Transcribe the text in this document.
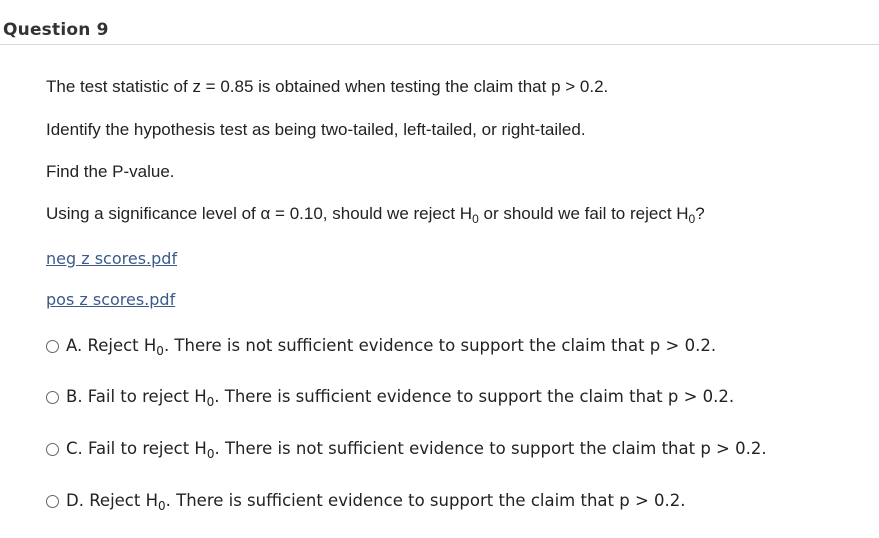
Question 9
The test statistic of z = 0.85 is obtained when testing the claim that p > 0.2.
Identify the hypothesis test as being two-tailed, left-tailed, or right-tailed.
Find the P-value.
Using a significance level of α = 0.10, should we reject $H_0$ or should we fail to reject $H_0$?
neg z scores.pdf
pos z scores.pdf
A. Reject $H_0$. There is not sufficient evidence to support the claim that p > 0.2.
B. Fail to reject $H_0$. There is sufficient evidence to support the claim that p > 0.2.
C. Fail to reject $H_0$. There is not sufficient evidence to support the claim that p > 0.2.
D. Reject $H_0$. There is sufficient evidence to support the claim that p > 0.2.
